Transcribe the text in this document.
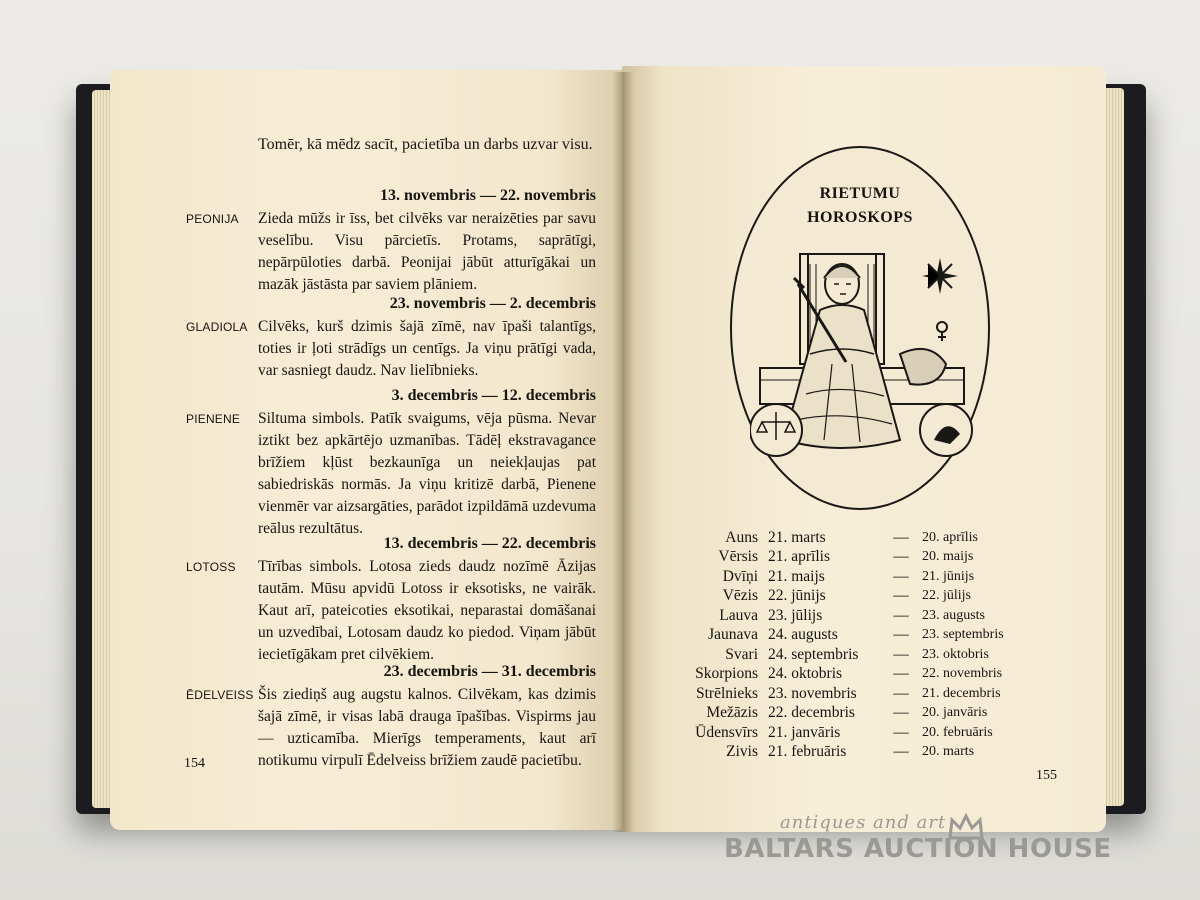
Tomēr, kā mēdz sacīt, pacietība un darbs uzvar visu.
13. novembris — 22. novembris
PEONIJA	Zieda mūžs ir īss, bet cilvēks var neraizēties par savu veselību. Visu pārcietīs. Protams, saprātīgi, nepārpūloties darbā. Peonijai jābūt atturīgākai un mazāk jāstāsta par saviem plāniem.
23. novembris — 2. decembris
GLADIOLA Cilvēks, kurš dzimis šajā zīmē, nav īpaši talantīgs, toties ir ļoti strādīgs un centīgs. Ja viņu prātīgi vada, var sasniegt daudz. Nav lielībnieks.
3. decembris — 12. decembris
PIENENE	Siltuma simbols. Patīk svaigums, vēja pūsma. Nevar iztikt bez apkārtējo uzmanības. Tādēļ ekstravagance brīžiem kļūst bezkaunīga un neiekļaujas pat sabiedriskās normās. Ja viņu kritizē darbā, Pienene vienmēr var aizsargāties, parādot izpildāmā uzdevuma reālus rezultātus.
13. decembris — 22. decembris
LOTOSS	Tīrības simbols. Lotosa zieds daudz nozīmē Āzijas tautām. Mūsu apvidū Lotoss ir eksotisks, ne vairāk. Kaut arī, pateicoties eksotikai, neparastai domāšanai un uzvedībai, Lotosam daudz ko piedod. Viņam jābūt iecietīgākam pret cilvēkiem.
23. decembris — 31. decembris
ĒDELVEISS Šis ziediņš aug augstu kalnos. Cilvēkam, kas dzimis šajā zīmē, ir visas labā drauga īpašības. Vispirms jau — uzticamība. Mierīgs temperaments, kaut arī notikumu virpulī Ēdelveiss brīžiem zaudē pacietību.
154
RIETUMU
HOROSKOPS
Auns 21. marts	— 20. aprīlis
Vērsis 21. aprīlis	— 20. maijs
Dvīņi 21. maijs	— 21. jūnijs
Vēzis 22. jūnijs	— 22. jūlijs
Lauva 23. jūlijs	— 23. augusts
Jaunava 24. augusts	— 23. septembris
Svari 24. septembris	— 23. oktobris
Skorpions 24. oktobris	— 22. novembris
Strēlnieks 23. novembris	— 21. decembris
Mežāzis 22. decembris	— 20. janvāris
Ūdensvīrs 21. janvāris	— 20. februāris
Zivis 21. februāris	— 20. marts
155
antiques and art
BALTARS AUCTION HOUSE
